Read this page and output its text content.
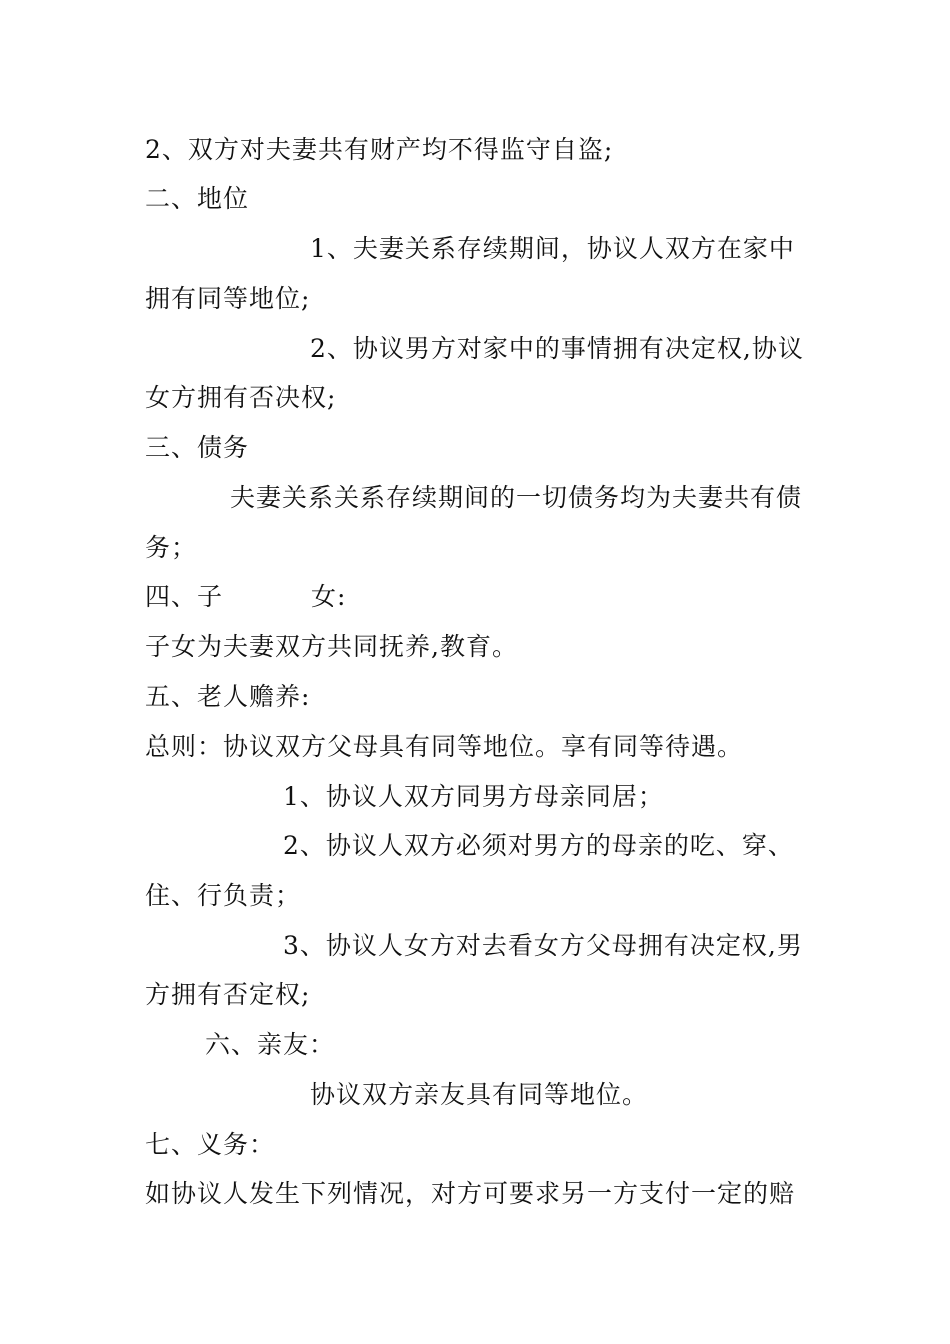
2、双方对夫妻共有财产均不得监守自盗;
二、地位
1、夫妻关系存续期间，协议人双方在家中
拥有同等地位;
2、协议男方对家中的事情拥有决定权,协议
女方拥有否决权;
三、债务
夫妻关系关系存续期间的一切债务均为夫妻共有债
务；
四、子	女:
子女为夫妻双方共同抚养,教育。
五、老人赡养:
总则：协议双方父母具有同等地位。享有同等待遇。
1、协议人双方同男方母亲同居；
2、协议人双方必须对男方的母亲的吃、穿、
住、行负责；
3、协议人女方对去看女方父母拥有决定权,男
方拥有否定权;
六、亲友：
协议双方亲友具有同等地位。
七、义务：
如协议人发生下列情况，对方可要求另一方支付一定的赔
